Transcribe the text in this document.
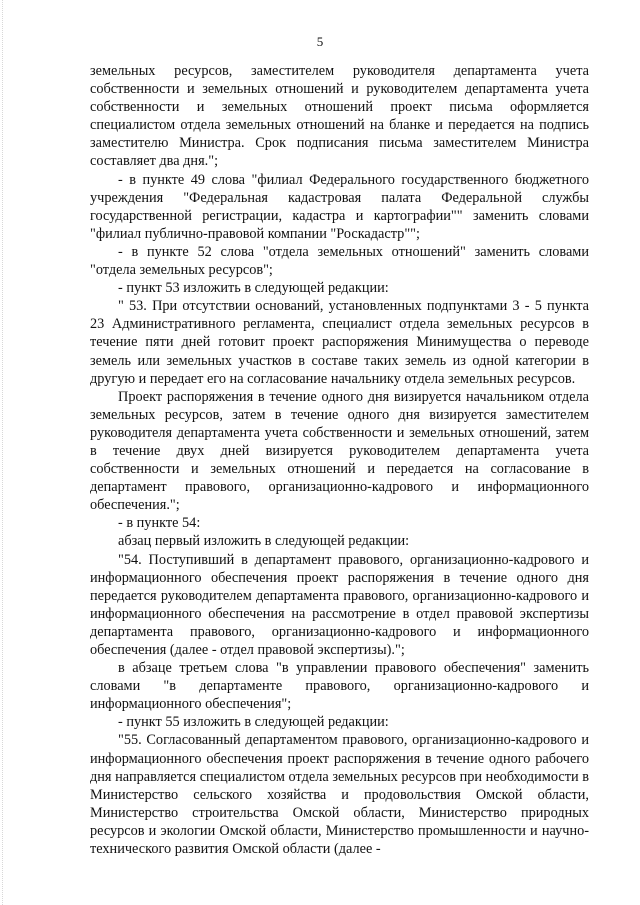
5

земельных ресурсов, заместителем руководителя департамента учета собственности и земельных отношений и руководителем департамента учета собственности и земельных отношений проект письма оформляется специалистом отдела земельных отношений на бланке и передается на подпись заместителю Министра. Срок подписания письма заместителем Министра составляет два дня.";

- в пункте 49 слова "филиал Федерального государственного бюджетного учреждения "Федеральная кадастровая палата Федеральной службы государственной регистрации, кадастра и картографии"" заменить словами "филиал публично-правовой компании "Роскадастр"";

- в пункте 52 слова "отдела земельных отношений" заменить словами "отдела земельных ресурсов";

- пункт 53 изложить в следующей редакции:

" 53. При отсутствии оснований, установленных подпунктами 3 - 5 пункта 23 Административного регламента, специалист отдела земельных ресурсов в течение пяти дней готовит проект распоряжения Минимущества о переводе земель или земельных участков в составе таких земель из одной категории в другую и передает его на согласование начальнику отдела земельных ресурсов.

Проект распоряжения в течение одного дня визируется начальником отдела земельных ресурсов, затем в течение одного дня визируется заместителем руководителя департамента учета собственности и земельных отношений, затем в течение двух дней визируется руководителем департамента учета собственности и земельных отношений и передается на согласование в департамент правового, организационно-кадрового и информационного обеспечения.";

- в пункте 54:

абзац первый изложить в следующей редакции:

"54. Поступивший в департамент правового, организационно-кадрового и информационного обеспечения проект распоряжения в течение одного дня передается руководителем департамента правового, организационно-кадрового и информационного обеспечения на рассмотрение в отдел правовой экспертизы департамента правового, организационно-кадрового и информационного обеспечения (далее - отдел правовой экспертизы).";

в абзаце третьем слова "в управлении правового обеспечения" заменить словами "в департаменте правового, организационно-кадрового и информационного обеспечения";

- пункт 55 изложить в следующей редакции:

"55. Согласованный департаментом правового, организационно-кадрового и информационного обеспечения проект распоряжения в течение одного рабочего дня направляется специалистом отдела земельных ресурсов при необходимости в Министерство сельского хозяйства и продовольствия Омской области, Министерство строительства Омской области, Министерство природных ресурсов и экологии Омской области, Министерство промышленности и научно-технического развития Омской области (далее -
